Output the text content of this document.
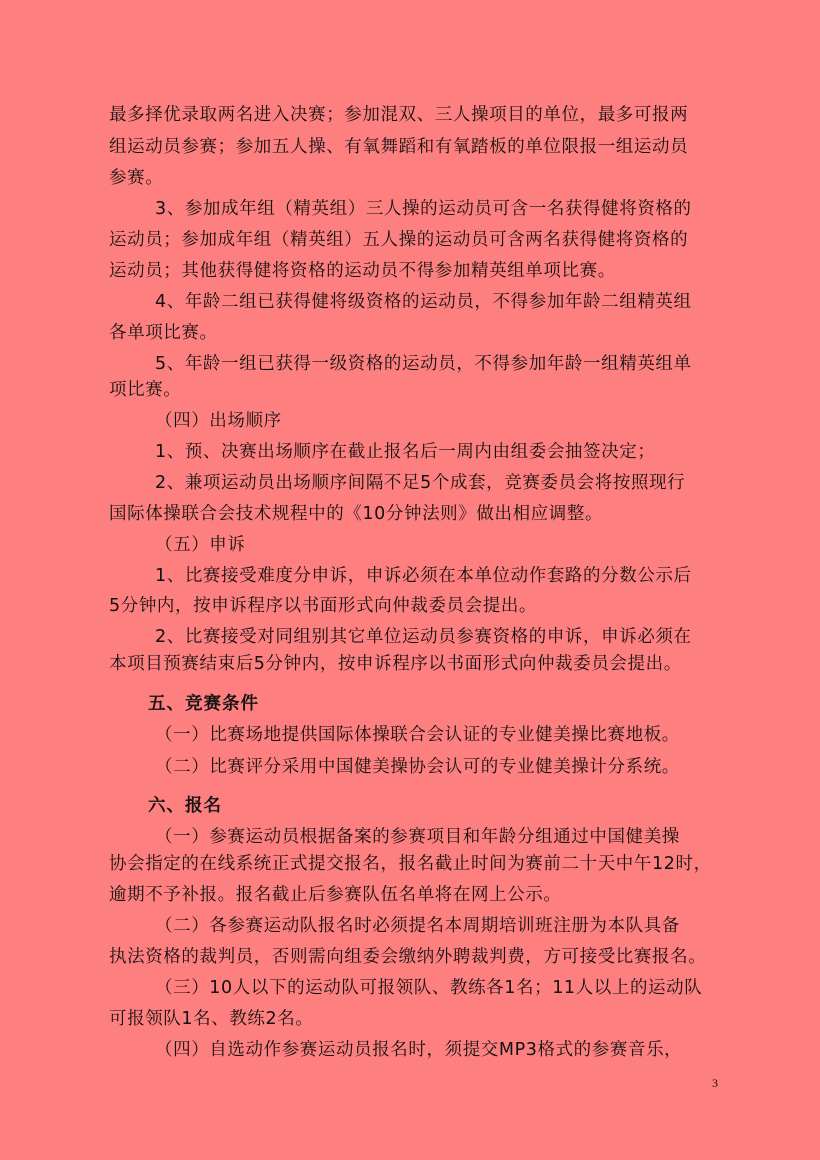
最多择优录取两名进入决赛；参加混双、三人操项目的单位，最多可报两
组运动员参赛；参加五人操、有氧舞蹈和有氧踏板的单位限报一组运动员
参赛。
3、参加成年组（精英组）三人操的运动员可含一名获得健将资格的
运动员；参加成年组（精英组）五人操的运动员可含两名获得健将资格的
运动员；其他获得健将资格的运动员不得参加精英组单项比赛。
4、年龄二组已获得健将级资格的运动员，不得参加年龄二组精英组
各单项比赛。
5、年龄一组已获得一级资格的运动员，不得参加年龄一组精英组单
项比赛。
（四）出场顺序
1、预、决赛出场顺序在截止报名后一周内由组委会抽签决定；
2、兼项运动员出场顺序间隔不足5个成套，竞赛委员会将按照现行
国际体操联合会技术规程中的《10分钟法则》做出相应调整。
（五）申诉
1、比赛接受难度分申诉，申诉必须在本单位动作套路的分数公示后
5分钟内，按申诉程序以书面形式向仲裁委员会提出。
2、比赛接受对同组别其它单位运动员参赛资格的申诉，申诉必须在
本项目预赛结束后5分钟内，按申诉程序以书面形式向仲裁委员会提出。
五、竞赛条件
（一）比赛场地提供国际体操联合会认证的专业健美操比赛地板。
（二）比赛评分采用中国健美操协会认可的专业健美操计分系统。
六、报名
（一）参赛运动员根据备案的参赛项目和年龄分组通过中国健美操
协会指定的在线系统正式提交报名，报名截止时间为赛前二十天中午12时，
逾期不予补报。报名截止后参赛队伍名单将在网上公示。
（二）各参赛运动队报名时必须提名本周期培训班注册为本队具备
执法资格的裁判员，否则需向组委会缴纳外聘裁判费，方可接受比赛报名。
（三）10人以下的运动队可报领队、教练各1名；11人以上的运动队
可报领队1名、教练2名。
（四）自选动作参赛运动员报名时，须提交MP3格式的参赛音乐，
3
